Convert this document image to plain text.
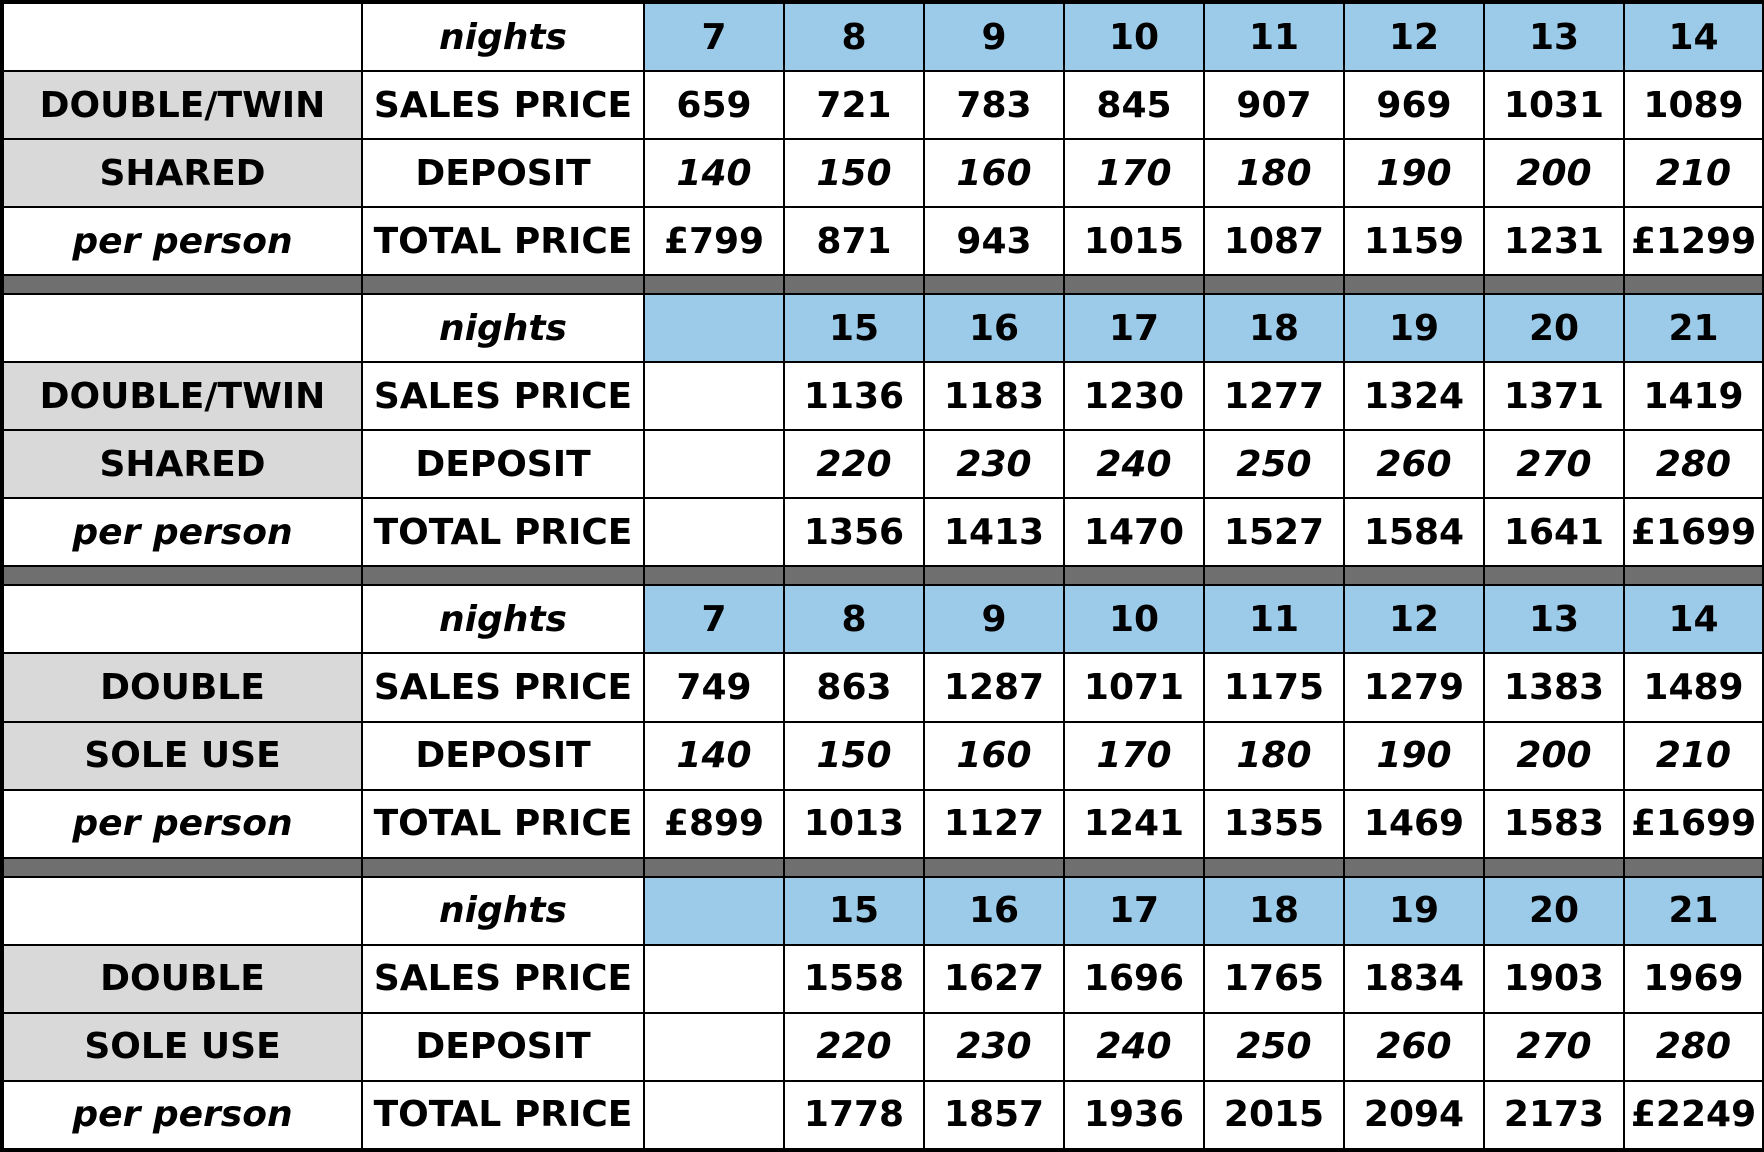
	nights	7	8	9	10	11	12	13	14
DOUBLE/TWIN	SALES PRICE	659	721	783	845	907	969	1031	1089
SHARED	DEPOSIT	140	150	160	170	180	190	200	210
per person	TOTAL PRICE	£799	871	943	1015	1087	1159	1231	£1299

	nights		15	16	17	18	19	20	21
DOUBLE/TWIN	SALES PRICE		1136	1183	1230	1277	1324	1371	1419
SHARED	DEPOSIT		220	230	240	250	260	270	280
per person	TOTAL PRICE		1356	1413	1470	1527	1584	1641	£1699

	nights	7	8	9	10	11	12	13	14
DOUBLE	SALES PRICE	749	863	1287	1071	1175	1279	1383	1489
SOLE USE	DEPOSIT	140	150	160	170	180	190	200	210
per person	TOTAL PRICE	£899	1013	1127	1241	1355	1469	1583	£1699

	nights		15	16	17	18	19	20	21
DOUBLE	SALES PRICE		1558	1627	1696	1765	1834	1903	1969
SOLE USE	DEPOSIT		220	230	240	250	260	270	280
per person	TOTAL PRICE		1778	1857	1936	2015	2094	2173	£2249
